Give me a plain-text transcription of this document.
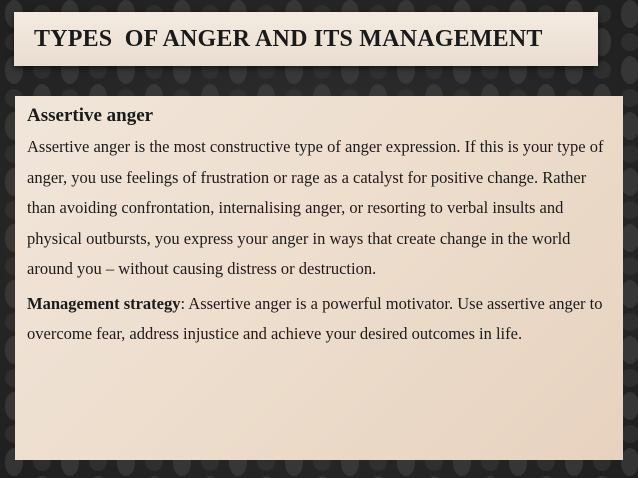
TYPES  OF ANGER AND ITS MANAGEMENT
Assertive anger

Assertive anger is the most constructive type of anger expression. If this is your type of anger, you use feelings of frustration or rage as a catalyst for positive change. Rather than avoiding confrontation, internalising anger, or resorting to verbal insults and physical outbursts, you express your anger in ways that create change in the world around you – without causing distress or destruction.

Management strategy: Assertive anger is a powerful motivator. Use assertive anger to overcome fear, address injustice and achieve your desired outcomes in life.
